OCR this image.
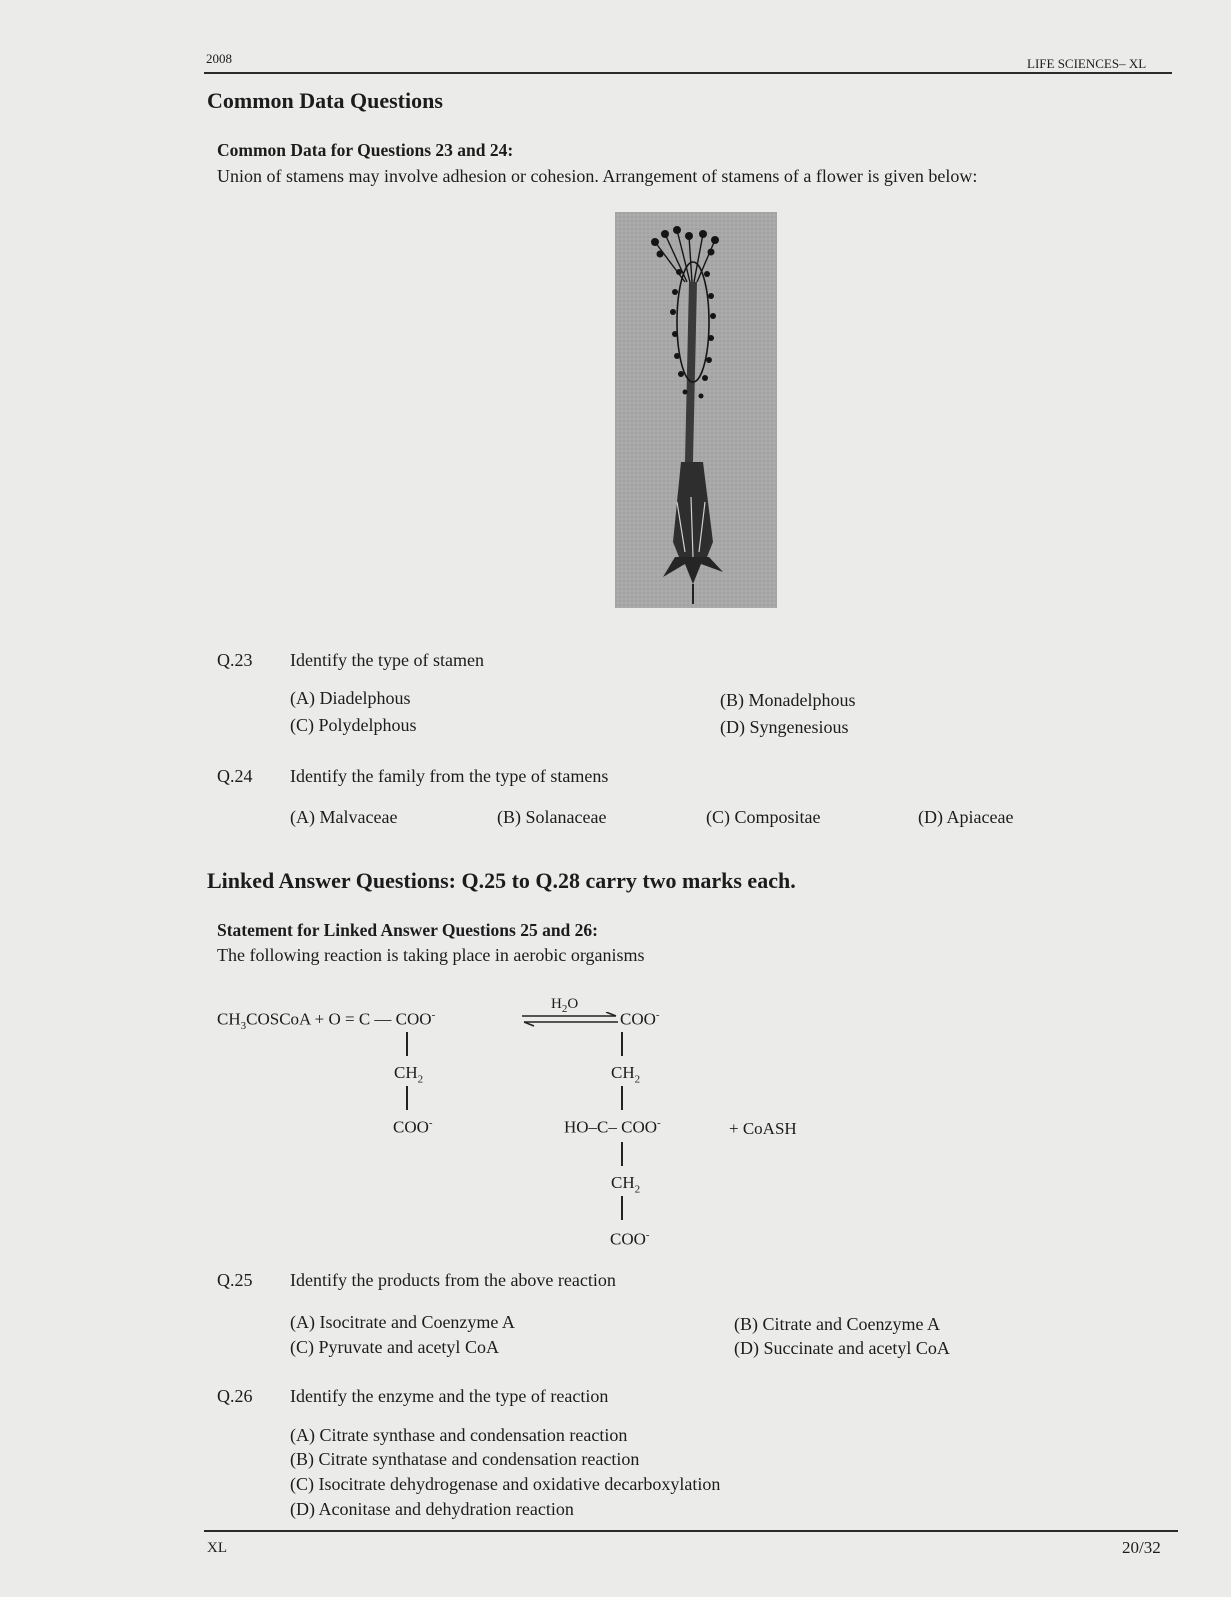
2008	LIFE SCIENCES– XL
Common Data Questions
Common Data for Questions 23 and 24:
Union of stamens may involve adhesion or cohesion. Arrangement of stamens of a flower is given below:
Q.23 Identify the type of stamen
(A) Diadelphous	(B) Monadelphous
(C) Polydelphous	(D) Syngenesious
Q.24 Identify the family from the type of stamens
(A) Malvaceae	(B) Solanaceae	(C) Compositae	(D) Apiaceae
Linked Answer Questions: Q.25 to Q.28 carry two marks each.
Statement for Linked Answer Questions 25 and 26:
The following reaction is taking place in aerobic organisms
$CH_3COSCoA + O = C$ — COO-
$H_2O$
COO-
$CH_2$
COO-
$CH_2$
HO–C– COO-	+ CoASH
$CH_2$
COO-
Q.25 Identify the products from the above reaction
(A) Isocitrate and Coenzyme A	(B) Citrate and Coenzyme A
(C) Pyruvate and acetyl CoA	(D) Succinate and acetyl CoA
Q.26 Identify the enzyme and the type of reaction
(A) Citrate synthase and condensation reaction
(B) Citrate synthatase and condensation reaction
(C) Isocitrate dehydrogenase and oxidative decarboxylation
(D) Aconitase and dehydration reaction
XL	20/32
